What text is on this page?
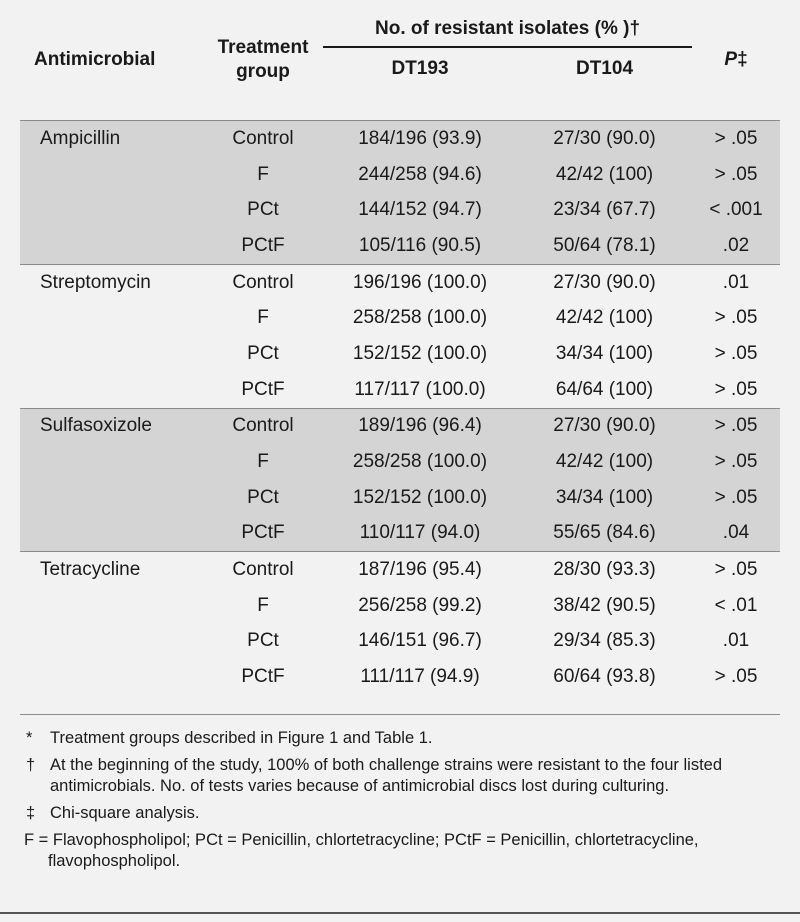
Antimicrobial	Treatment
group	No. of resistant isolates (% )†		P‡
		DT193	DT104	
Ampicillin	Control	184/196 (93.9)	27/30 (90.0)	> .05
	F	244/258 (94.6)	42/42 (100)	> .05
	PCt	144/152 (94.7)	23/34 (67.7)	< .001
	PCtF	105/116 (90.5)	50/64 (78.1)	.02
Streptomycin	Control	196/196 (100.0)	27/30 (90.0)	.01
	F	258/258 (100.0)	42/42 (100)	> .05
	PCt	152/152 (100.0)	34/34 (100)	> .05
	PCtF	117/117 (100.0)	64/64 (100)	> .05
Sulfasoxizole	Control	189/196 (96.4)	27/30 (90.0)	> .05
	F	258/258 (100.0)	42/42 (100)	> .05
	PCt	152/152 (100.0)	34/34 (100)	> .05
	PCtF	110/117 (94.0)	55/65 (84.6)	.04
Tetracycline	Control	187/196 (95.4)	28/30 (93.3)	> .05
	F	256/258 (99.2)	38/42 (90.5)	< .01
	PCt	146/151 (96.7)	29/34 (85.3)	.01
	PCtF	111/117 (94.9)	60/64 (93.8)	> .05
*	Treatment groups described in Figure 1 and Table 1.
† At the beginning of the study, 100% of both challenge strains were resistant to the four listed antimicrobials. No. of tests varies because of antimicrobial discs lost during culturing.
‡ Chi-square analysis.
F = Flavophospholipol; PCt = Penicillin, chlortetracycline; PCtF = Penicillin, chlortetracycline, flavophospholipol.
